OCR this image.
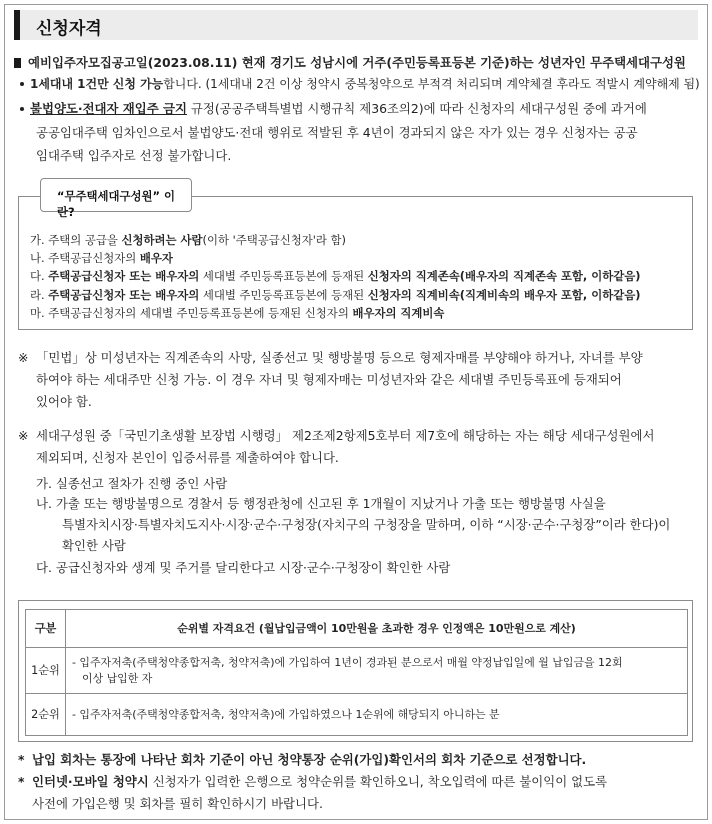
신청자격
예비입주자모집공고일(2023.08.11) 현재 경기도 성남시에 거주(주민등록표등본 기준)하는 성년자인 무주택세대구성원
1세대내 1건만 신청 가능합니다. (1세대내 2건 이상 청약시 중복청약으로 부적격 처리되며 계약체결 후라도 적발시 계약해제 됨)
불법양도·전대자 재입주 금지 규정(공공주택특별법 시행규칙 제36조의2)에 따라 신청자의 세대구성원 중에 과거에
공공임대주택 임차인으로서 불법양도·전대 행위로 적발된 후 4년이 경과되지 않은 자가 있는 경우 신청자는 공공
임대주택 입주자로 선정 불가합니다.
“무주택세대구성원” 이란?
가. 주택의 공급을 신청하려는 사람(이하 '주택공급신청자'라 함)
나. 주택공급신청자의 배우자
다. 주택공급신청자 또는 배우자의 세대별 주민등록표등본에 등재된 신청자의 직계존속(배우자의 직계존속 포함, 이하같음)
라. 주택공급신청자 또는 배우자의 세대별 주민등록표등본에 등재된 신청자의 직계비속(직계비속의 배우자 포함, 이하같음)
마. 주택공급신청자의 세대별 주민등록표등본에 등재된 신청자의 배우자의 직계비속
※ 「민법」상 미성년자는 직계존속의 사망, 실종선고 및 행방불명 등으로 형제자매를 부양해야 하거나, 자녀를 부양
하여야 하는 세대주만 신청 가능. 이 경우 자녀 및 형제자매는 미성년자와 같은 세대별 주민등록표에 등재되어
있어야 함.
※ 세대구성원 중「국민기초생활 보장법 시행령」 제2조제2항제5호부터 제7호에 해당하는 자는 해당 세대구성원에서
제외되며, 신청자 본인이 입증서류를 제출하여야 합니다.
가. 실종선고 절차가 진행 중인 사람
나. 가출 또는 행방불명으로 경찰서 등 행정관청에 신고된 후 1개월이 지났거나 가출 또는 행방불명 사실을
특별자치시장·특별자치도지사·시장·군수·구청장(자치구의 구청장을 말하며, 이하 “시장·군수·구청장”이라 한다)이
확인한 사람
다. 공급신청자와 생계 및 주거를 달리한다고 시장·군수·구청장이 확인한 사람
구분	순위별 자격요건 (월납입금액이 10만원을 초과한 경우 인정액은 10만원으로 계산)
1순위	- 입주자저축(주택청약종합저축, 청약저축)에 가입하여 1년이 경과된 분으로서 매월 약정납입일에 월 납입금을 12회
이상 납입한 자

2순위	- 입주자저축(주택청약종합저축, 청약저축)에 가입하였으나 1순위에 해당되지 아니하는 분
* 납입 회차는 통장에 나타난 회차 기준이 아닌 청약통장 순위(가입)확인서의 회차 기준으로 선정합니다.
* 인터넷·모바일 청약시 신청자가 입력한 은행으로 청약순위를 확인하오니, 착오입력에 따른 불이익이 없도록
사전에 가입은행 및 회차를 필히 확인하시기 바랍니다.
